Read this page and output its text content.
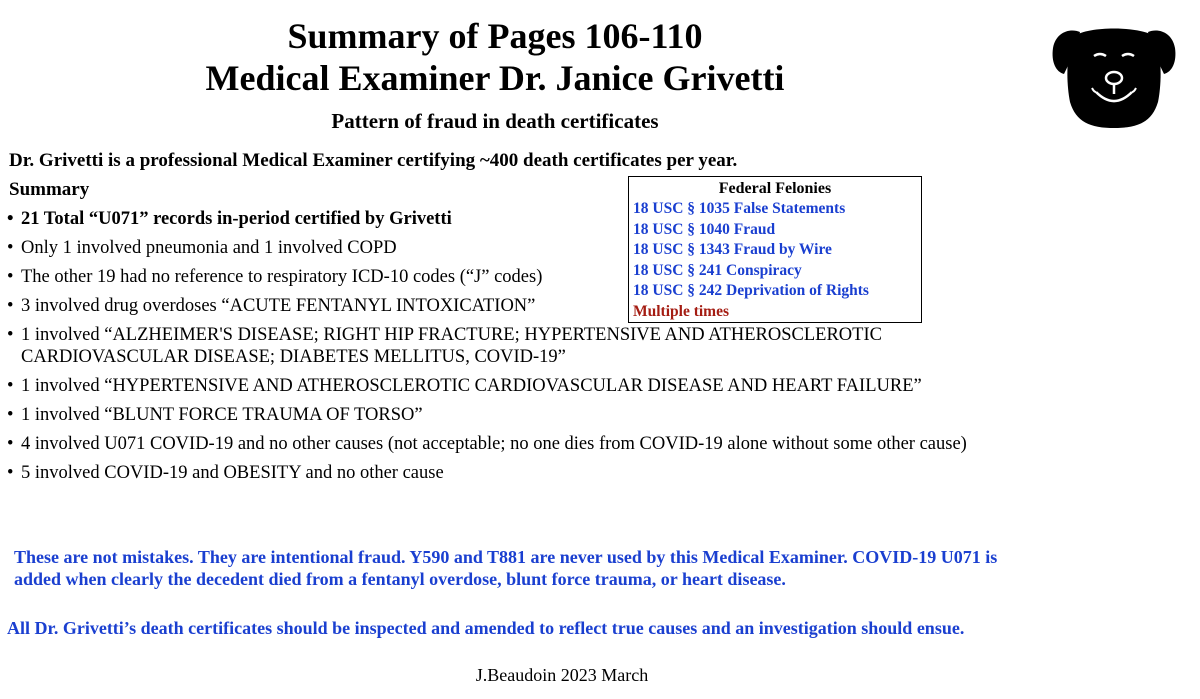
Summary of Pages 106-110
Medical Examiner Dr. Janice Grivetti
Pattern of fraud in death certificates
Dr. Grivetti is a professional Medical Examiner certifying ~400 death certificates per year.
Summary
• 21 Total “U071” records in-period certified by Grivetti
• Only 1 involved pneumonia and 1 involved COPD
• The other 19 had no reference to respiratory ICD-10 codes (“J” codes)
• 3 involved drug overdoses “ACUTE FENTANYL INTOXICATION”
• 1 involved “ALZHEIMER'S DISEASE; RIGHT HIP FRACTURE; HYPERTENSIVE AND ATHEROSCLEROTIC CARDIOVASCULAR DISEASE; DIABETES MELLITUS, COVID-19”
• 1 involved “HYPERTENSIVE AND ATHEROSCLEROTIC CARDIOVASCULAR DISEASE AND HEART FAILURE”
• 1 involved “BLUNT FORCE TRAUMA OF TORSO”
• 4 involved U071 COVID-19 and no other causes (not acceptable; no one dies from COVID-19 alone without some other cause)
• 5 involved COVID-19 and OBESITY and no other cause
Federal Felonies
18 USC § 1035 False Statements
18 USC § 1040 Fraud
18 USC § 1343 Fraud by Wire
18 USC § 241 Conspiracy
18 USC § 242 Deprivation of Rights
Multiple times
These are not mistakes. They are intentional fraud. Y590 and T881 are never used by this Medical Examiner. COVID-19 U071 is added when clearly the decedent died from a fentanyl overdose, blunt force trauma, or heart disease.
All Dr. Grivetti’s death certificates should be inspected and amended to reflect true causes and an investigation should ensue.
J.Beaudoin 2023 March
